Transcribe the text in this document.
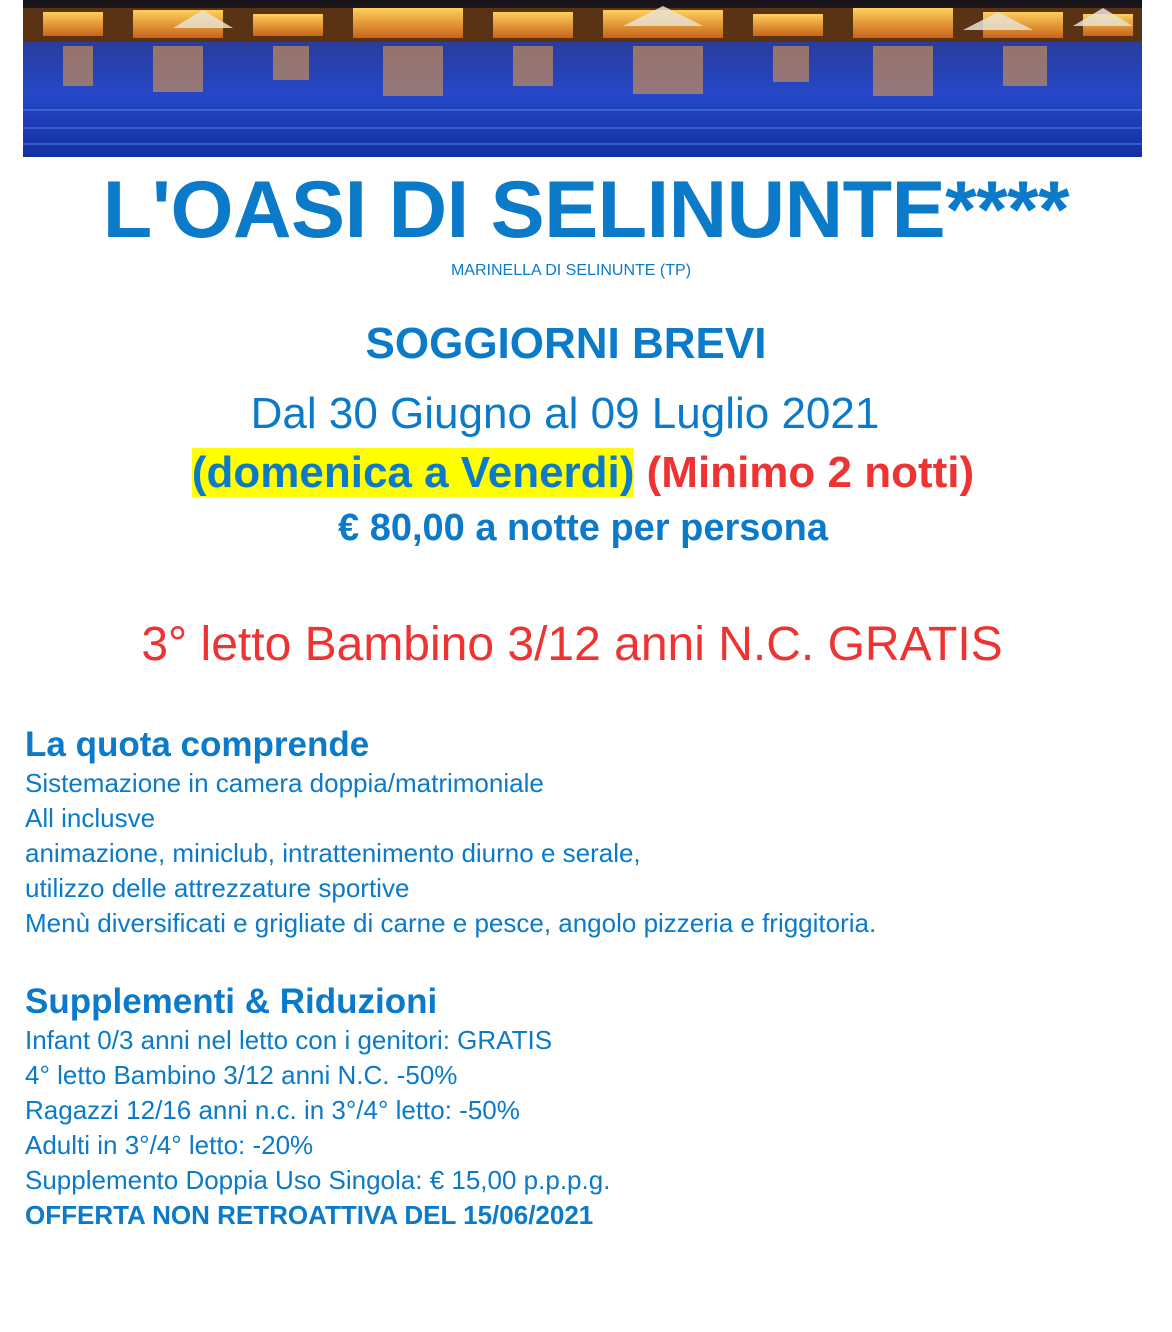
L'OASI DI SELINUNTE****
MARINELLA DI SELINUNTE (TP)
SOGGIORNI BREVI
Dal 30 Giugno al 09 Luglio 2021
(domenica a Venerdi) (Minimo 2 notti)
€ 80,00 a notte per persona
3° letto Bambino 3/12 anni N.C. GRATIS
La quota comprende
Sistemazione in camera doppia/matrimoniale
All inclusve
animazione, miniclub, intrattenimento diurno e serale,
utilizzo delle attrezzature sportive
Menù diversificati e grigliate di carne e pesce, angolo pizzeria e friggitoria.
Supplementi & Riduzioni
Infant 0/3 anni nel letto con i genitori: GRATIS
4° letto Bambino 3/12 anni N.C. -50%
Ragazzi 12/16 anni n.c. in 3°/4° letto: -50%
Adulti in 3°/4° letto: -20%
Supplemento Doppia Uso Singola: € 15,00 p.p.p.g.
OFFERTA NON RETROATTIVA DEL 15/06/2021
